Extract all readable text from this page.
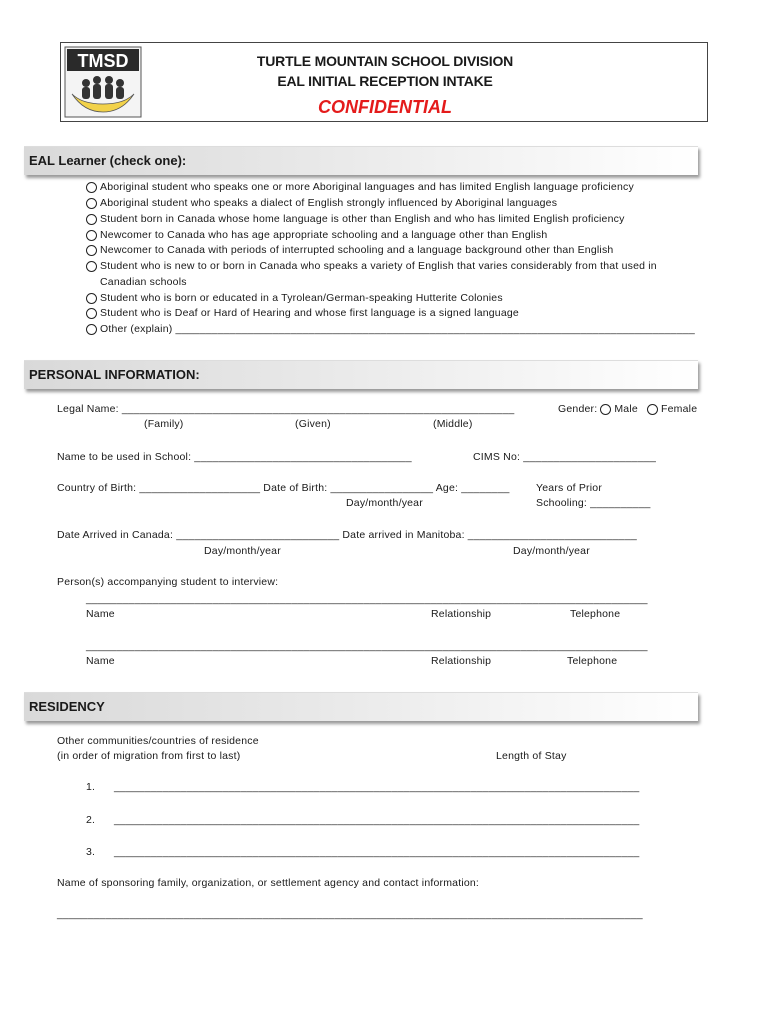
TMSD	TURTLE MOUNTAIN SCHOOL DIVISION
EAL INITIAL RECEPTION INTAKE
CONFIDENTIAL
EAL Learner (check one):
Aboriginal student who speaks one or more Aboriginal languages and has limited English language proficiency
Aboriginal student who speaks a dialect of English strongly influenced by Aboriginal languages
Student born in Canada whose home language is other than English and who has limited English proficiency
Newcomer to Canada who has age appropriate schooling and a language other than English
Newcomer to Canada with periods of interrupted schooling and a language background other than English
Student who is new to or born in Canada who speaks a variety of English that varies considerably from that used in
Canadian schools
Student who is born or educated in a Tyrolean/German-speaking Hutterite Colonies
Student who is Deaf or Hard of Hearing and whose first language is a signed language
Other (explain) ______________________________________________________________________________________
PERSONAL INFORMATION:
Legal Name: _________________________________________________________________	Gender: Male Female
(Family)	(Given)	(Middle)
Name to be used in School: ____________________________________	CIMS No: ______________________
Country of Birth: ____________________ Date of Birth: _________________ Age: ________	Years of Prior
Day/month/year	Schooling: __________
Date Arrived in Canada: ___________________________ Date arrived in Manitoba: ____________________________
Day/month/year	Day/month/year
Person(s) accompanying student to interview:
_____________________________________________________________________________________________
Name	Relationship	Telephone
_____________________________________________________________________________________________
Name	Relationship	Telephone
RESIDENCY
Other communities/countries of residence
(in order of migration from first to last)	Length of Stay
1. _______________________________________________________________________________________
2. _______________________________________________________________________________________
3. _______________________________________________________________________________________
Name of sponsoring family, organization, or settlement agency and contact information:
_________________________________________________________________________________________________
